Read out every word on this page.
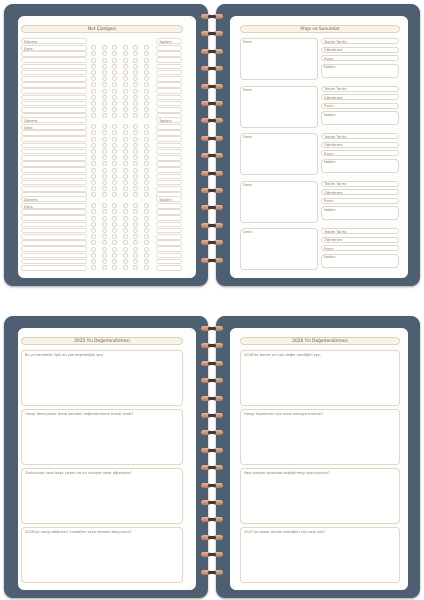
Not Çizelgesi
Dönem:	Toplam
Ders:
Dönem:	Toplam
Ders:
Dönem:	Toplam
Ders:
Proje ve Sunumlar
Ders:	Teslim Tarihi:
Öğretmen:
Puan:
Notlar:
Ders:	Teslim Tarihi:
Öğretmen:
Puan:
Notlar:
Ders:	Teslim Tarihi:
Öğretmen:
Puan:
Notlar:
Ders:	Teslim Tarihi:
Öğretmen:
Puan:
Notlar:
Ders:	Teslim Tarihi:
Öğretmen:
Puan:
Notlar:
2025 Yılı Değerlendirmesi
Bu yıl kendimle ilgili en çok keşfettiğim şey:
Hangi deneyimler bana kendimi değerlendirme fırsatı verdi?
Zorluklarla nasıl başa çıktım ve bu süreçte neler öğrendim?
2026'ya hangi değerleri, hedefleri veya dersleri taşıyorum?
2026 Yılı Değerlendirmesi
2026'da benim en çok değer verdiğim şey:
Hangi hayallerim için adım atmaya hazırım?
Neyi gerçek anlamda değiştirmeyi planlıyorum?
2027'ye kadar olmak istediğim kişi nasıl biri?
